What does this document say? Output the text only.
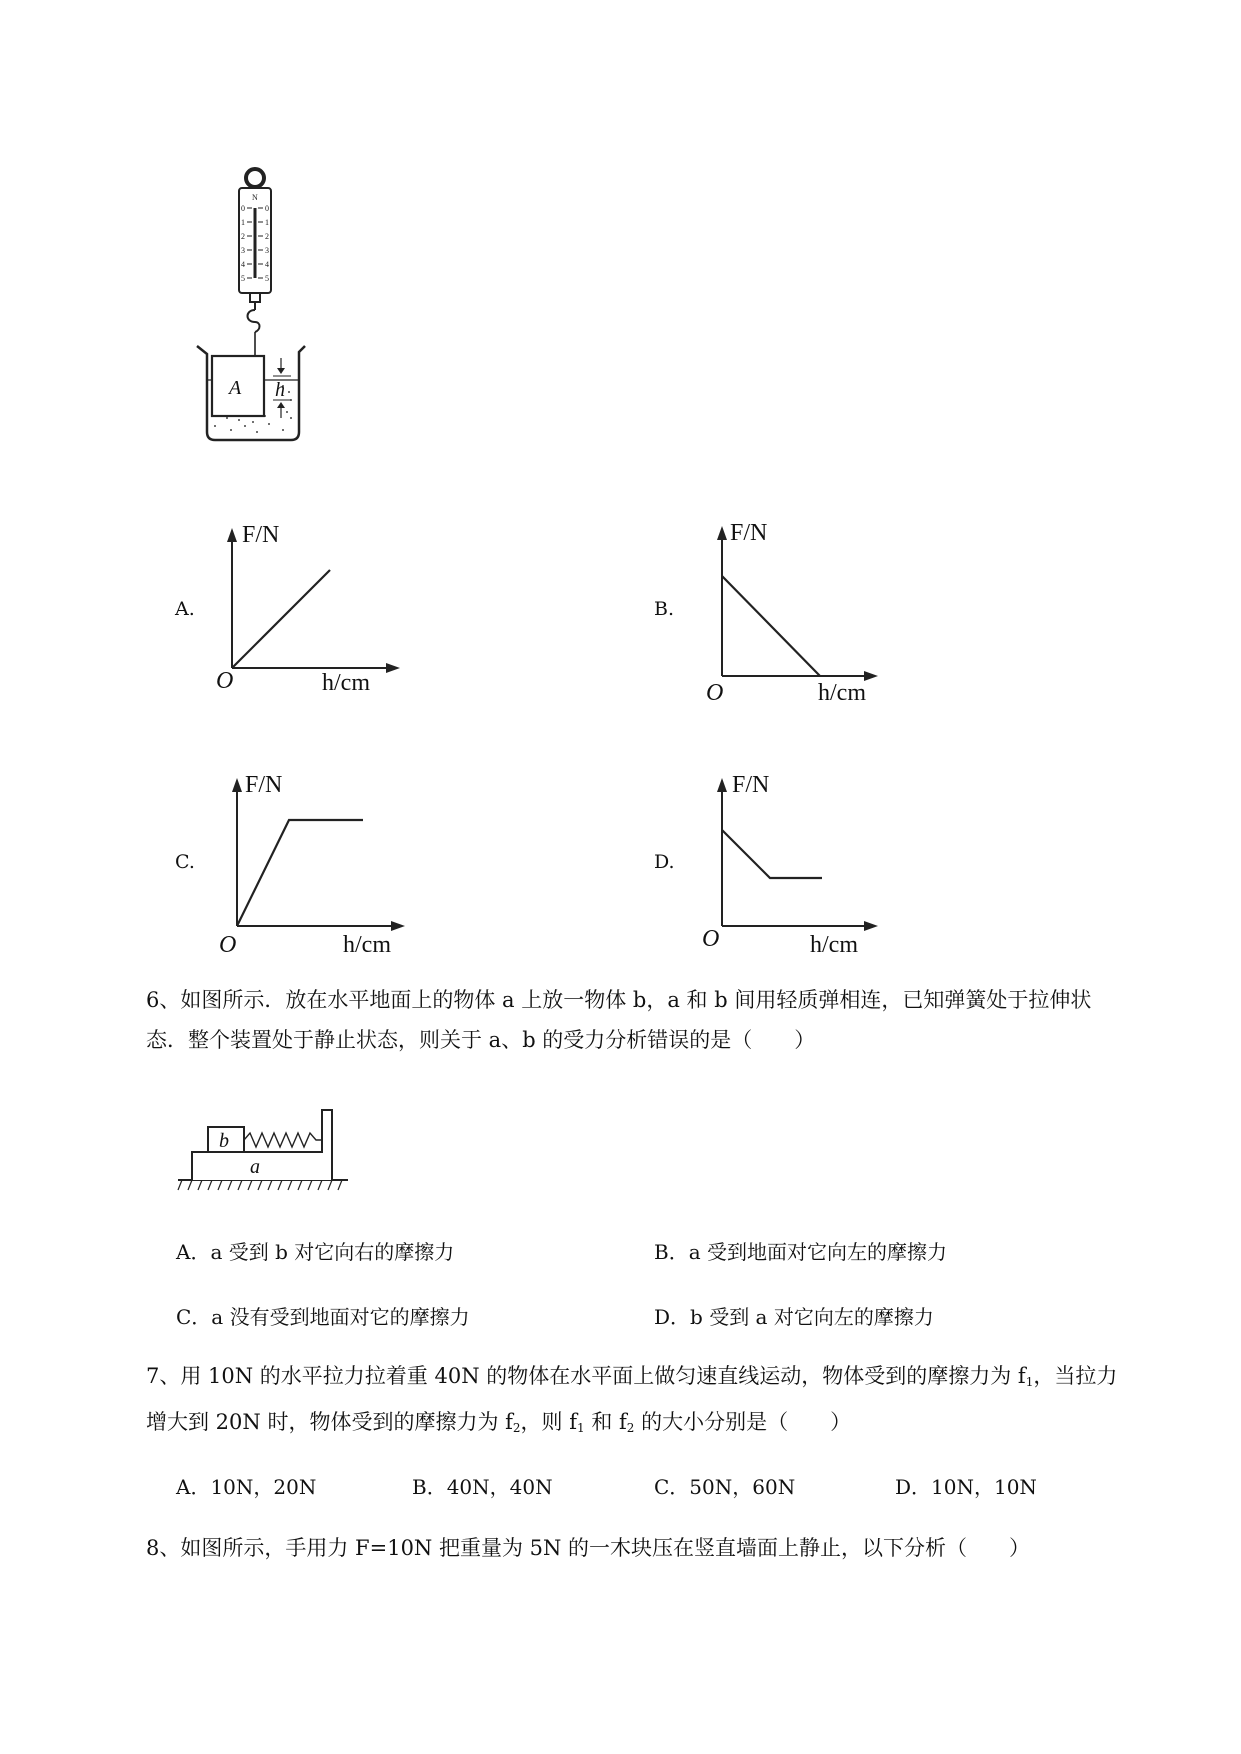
N
0
1
2
3
4
5
0
1
2
3
4
5
A h
A.	B.
C.	D.
F/N
h/cm
O
F/N
h/cm
O
F/N
h/cm
O
F/N
h/cm
O
6、如图所示．放在水平地面上的物体 a 上放一物体 b，a 和 b 间用轻质弹相连，已知弹簧处于拉伸状
态．整个装置处于静止状态，则关于 a、b 的受力分析错误的是（　　）
b
a
A．a 受到 b 对它向右的摩擦力	B．a 受到地面对它向左的摩擦力
C．a 没有受到地面对它的摩擦力	D．b 受到 a 对它向左的摩擦力
7、用 10N 的水平拉力拉着重 40N 的物体在水平面上做匀速直线运动，物体受到的摩擦力为 $f_1$，当拉力
增大到 20N 时，物体受到的摩擦力为 $f_2$，则 $f_1$ 和 $f_2$ 的大小分别是（　　）
A．10N，20N	B．40N，40N	C．50N，60N	D．10N，10N
8、如图所示，手用力 F=10N 把重量为 5N 的一木块压在竖直墙面上静止，以下分析（　　）
